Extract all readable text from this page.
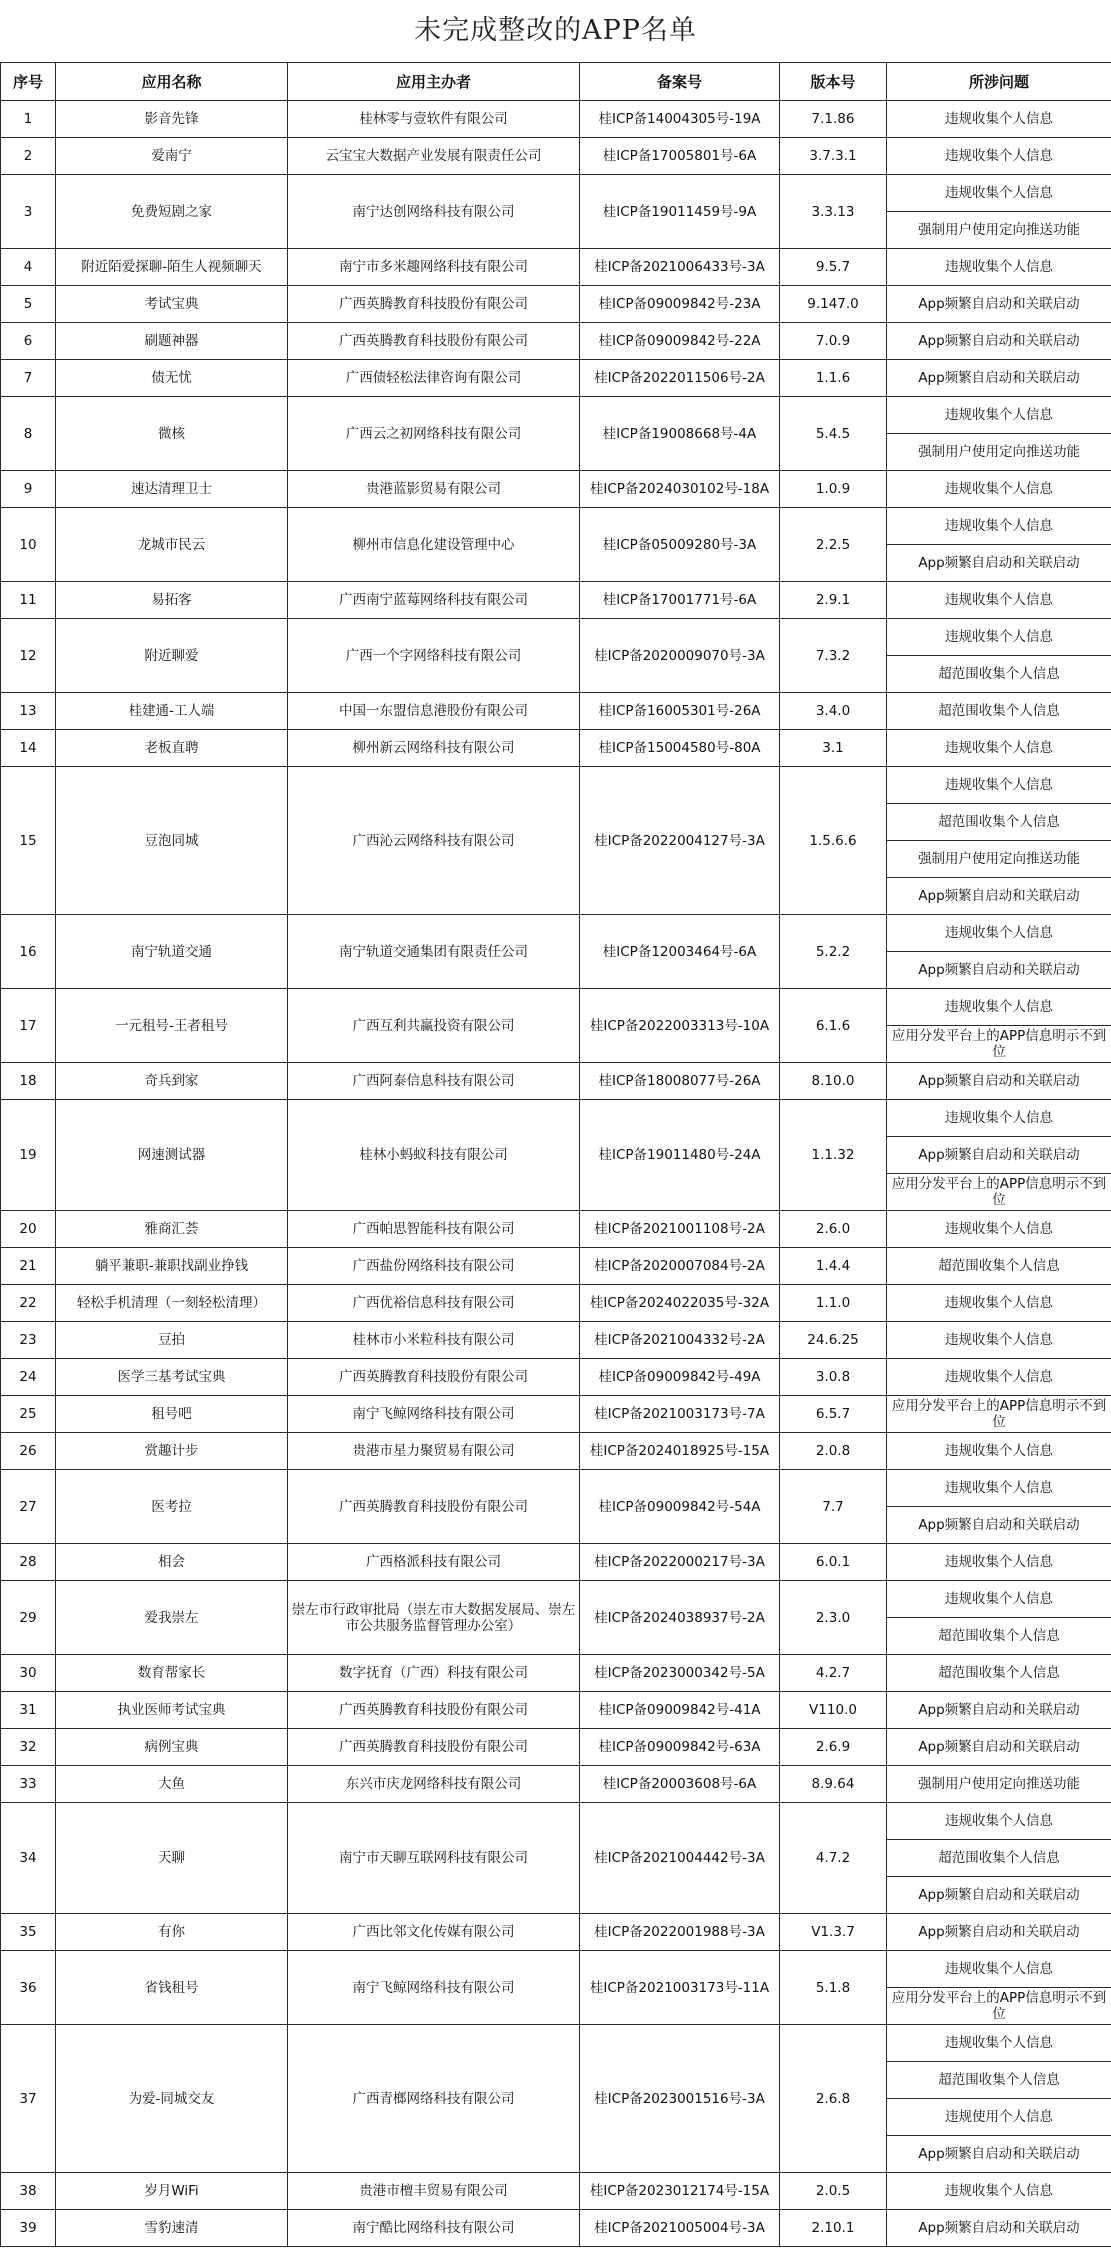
未完成整改的APP名单
序号	应用名称	应用主办者	备案号	版本号	所涉问题
1	影音先锋	桂林零与壹软件有限公司	桂ICP备14004305号-19A	7.1.86	违规收集个人信息
2	爱南宁	云宝宝大数据产业发展有限责任公司	桂ICP备17005801号-6A	3.7.3.1	违规收集个人信息
3	免费短剧之家	南宁达创网络科技有限公司	桂ICP备19011459号-9A	3.3.13	违规收集个人信息
					强制用户使用定向推送功能
4	附近陌爱探聊-陌生人视频聊天	南宁市多米趣网络科技有限公司	桂ICP备2021006433号-3A	9.5.7	违规收集个人信息
5	考试宝典	广西英腾教育科技股份有限公司	桂ICP备09009842号-23A	9.147.0	App频繁自启动和关联启动
6	刷题神器	广西英腾教育科技股份有限公司	桂ICP备09009842号-22A	7.0.9	App频繁自启动和关联启动
7	债无忧	广西债轻松法律咨询有限公司	桂ICP备2022011506号-2A	1.1.6	App频繁自启动和关联启动
8	微核	广西云之初网络科技有限公司	桂ICP备19008668号-4A	5.4.5	违规收集个人信息
					强制用户使用定向推送功能
9	速达清理卫士	贵港蓝影贸易有限公司	桂ICP备2024030102号-18A	1.0.9	违规收集个人信息
10	龙城市民云	柳州市信息化建设管理中心	桂ICP备05009280号-3A	2.2.5	违规收集个人信息
					App频繁自启动和关联启动
11	易拓客	广西南宁蓝莓网络科技有限公司	桂ICP备17001771号-6A	2.9.1	违规收集个人信息
12	附近聊爱	广西一个字网络科技有限公司	桂ICP备2020009070号-3A	7.3.2	违规收集个人信息
					超范围收集个人信息
13	桂建通-工人端	中国一东盟信息港股份有限公司	桂ICP备16005301号-26A	3.4.0	超范围收集个人信息
14	老板直聘	柳州新云网络科技有限公司	桂ICP备15004580号-80A	3.1	违规收集个人信息
15	豆泡同城	广西沁云网络科技有限公司	桂ICP备2022004127号-3A	1.5.6.6	违规收集个人信息
					超范围收集个人信息
					强制用户使用定向推送功能
					App频繁自启动和关联启动
16	南宁轨道交通	南宁轨道交通集团有限责任公司	桂ICP备12003464号-6A	5.2.2	违规收集个人信息
					App频繁自启动和关联启动
17	一元租号-王者租号	广西互利共赢投资有限公司	桂ICP备2022003313号-10A	6.1.6	违规收集个人信息
					应用分发平台上的APP信息明示不到位
18	奇兵到家	广西阿泰信息科技有限公司	桂ICP备18008077号-26A	8.10.0	App频繁自启动和关联启动
19	网速测试器	桂林小蚂蚁科技有限公司	桂ICP备19011480号-24A	1.1.32	违规收集个人信息
					App频繁自启动和关联启动
					应用分发平台上的APP信息明示不到位
20	雅商汇荟	广西帕思智能科技有限公司	桂ICP备2021001108号-2A	2.6.0	违规收集个人信息
21	躺平兼职-兼职找副业挣钱	广西盐份网络科技有限公司	桂ICP备2020007084号-2A	1.4.4	超范围收集个人信息
22	轻松手机清理（一刻轻松清理）	广西优裕信息科技有限公司	桂ICP备2024022035号-32A	1.1.0	违规收集个人信息
23	豆拍	桂林市小米粒科技有限公司	桂ICP备2021004332号-2A	24.6.25	违规收集个人信息
24	医学三基考试宝典	广西英腾教育科技股份有限公司	桂ICP备09009842号-49A	3.0.8	违规收集个人信息
25	租号吧	南宁飞鲸网络科技有限公司	桂ICP备2021003173号-7A	6.5.7	应用分发平台上的APP信息明示不到位
26	赏趣计步	贵港市星力聚贸易有限公司	桂ICP备2024018925号-15A	2.0.8	违规收集个人信息
27	医考拉	广西英腾教育科技股份有限公司	桂ICP备09009842号-54A	7.7	违规收集个人信息
					App频繁自启动和关联启动
28	相会	广西格派科技有限公司	桂ICP备2022000217号-3A	6.0.1	违规收集个人信息
29	爱我崇左	崇左市行政审批局（崇左市大数据发展局、崇左市公共服务监督管理办公室）	桂ICP备2024038937号-2A	2.3.0	违规收集个人信息
					超范围收集个人信息
30	数育帮家长	数字抚育（广西）科技有限公司	桂ICP备2023000342号-5A	4.2.7	超范围收集个人信息
31	执业医师考试宝典	广西英腾教育科技股份有限公司	桂ICP备09009842号-41A	V110.0	App频繁自启动和关联启动
32	病例宝典	广西英腾教育科技股份有限公司	桂ICP备09009842号-63A	2.6.9	App频繁自启动和关联启动
33	大鱼	东兴市庆龙网络科技有限公司	桂ICP备20003608号-6A	8.9.64	强制用户使用定向推送功能
34	天聊	南宁市天聊互联网科技有限公司	桂ICP备2021004442号-3A	4.7.2	违规收集个人信息
					超范围收集个人信息
					App频繁自启动和关联启动
35	有你	广西比邻文化传媒有限公司	桂ICP备2022001988号-3A	V1.3.7	App频繁自启动和关联启动
36	省钱租号	南宁飞鲸网络科技有限公司	桂ICP备2021003173号-11A	5.1.8	违规收集个人信息
					应用分发平台上的APP信息明示不到位
37	为爱-同城交友	广西青榔网络科技有限公司	桂ICP备2023001516号-3A	2.6.8	违规收集个人信息
					超范围收集个人信息
					违规使用个人信息
					App频繁自启动和关联启动
38	岁月WiFi	贵港市檀丰贸易有限公司	桂ICP备2023012174号-15A	2.0.5	违规收集个人信息
39	雪豹速清	南宁酷比网络科技有限公司	桂ICP备2021005004号-3A	2.10.1	App频繁自启动和关联启动
